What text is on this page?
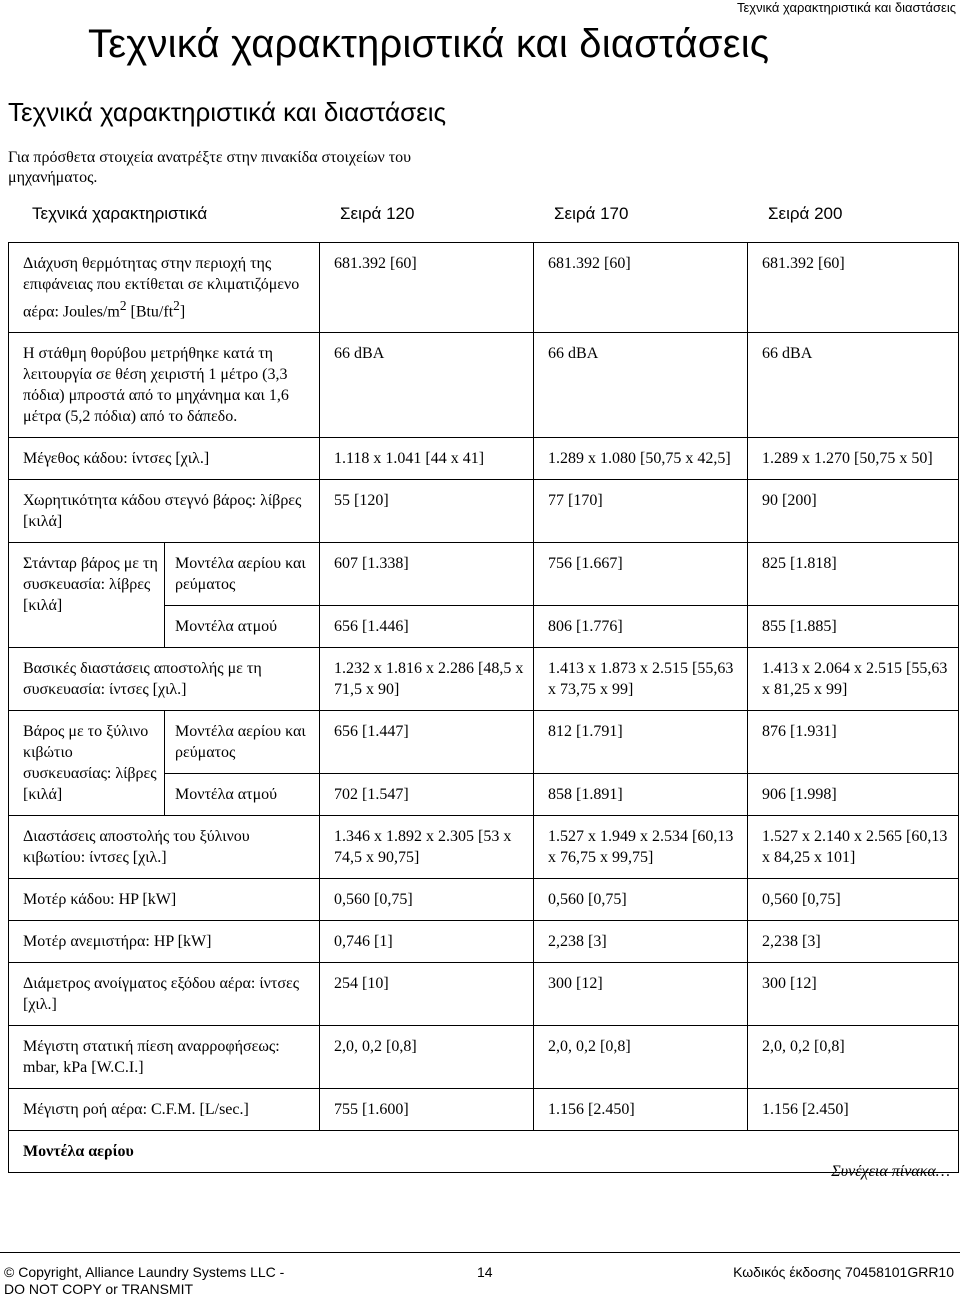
Τεχνικά χαρακτηριστικά και διαστάσεις
Τεχνικά χαρακτηριστικά και διαστάσεις
Τεχνικά χαρακτηριστικά και διαστάσεις

Για πρόσθετα στοιχεία ανατρέξτε στην πινακίδα στοιχείων του μηχανήματος.

Τεχνικά χαρακτηριστικά	Σειρά 120	Σειρά 170	Σειρά 200
Διάχυση θερμότητας στην περιοχή της επιφάνειας που εκτίθεται σε κλιματιζόμενο αέρα: Joules/$m^2$ $[Btu/ft^2]$		681.392 [60]	681.392 [60]	681.392 [60]
Η στάθμη θορύβου μετρήθηκε κατά τη λειτουργία σε θέση χειριστή 1 μέτρο (3,3 πόδια) μπροστά από το μηχάνημα και 1,6 μέτρα (5,2 πόδια) από το δάπεδο.		66 dBA	66 dBA	66 dBA
Μέγεθος κάδου: ίντσες [χιλ.]		1.118 x 1.041 [44 x 41]	1.289 x 1.080 [50,75 x 42,5]	1.289 x 1.270 [50,75 x 50]
Χωρητικότητα κάδου στεγνό βάρος: λίβρες [κιλά]		55 [120]	77 [170]	90 [200]
Στάνταρ βάρος με τη συσκευασία: λίβρες [κιλά]	Μοντέλα αερίου και ρεύματος	607 [1.338]	756 [1.667]	825 [1.818]
	Μοντέλα ατμού	656 [1.446]	806 [1.776]	855 [1.885]
Βασικές διαστάσεις αποστολής με τη συσκευασία: ίντσες [χιλ.]		1.232 x 1.816 x 2.286 [48,5 x 71,5 x 90]	1.413 x 1.873 x 2.515 [55,63 x 73,75 x 99]	1.413 x 2.064 x 2.515 [55,63 x 81,25 x 99]
Βάρος με το ξύλινο κιβώτιο συσκευασίας: λίβρες [κιλά]	Μοντέλα αερίου και ρεύματος	656 [1.447]	812 [1.791]	876 [1.931]
	Μοντέλα ατμού	702 [1.547]	858 [1.891]	906 [1.998]
Διαστάσεις αποστολής του ξύλινου κιβωτίου: ίντσες [χιλ.]		1.346 x 1.892 x 2.305 [53 x 74,5 x 90,75]	1.527 x 1.949 x 2.534 [60,13 x 76,75 x 99,75]	1.527 x 2.140 x 2.565 [60,13 x 84,25 x 101]
Μοτέρ κάδου: HP [kW]		0,560 [0,75]	0,560 [0,75]	0,560 [0,75]
Μοτέρ ανεμιστήρα: HP [kW]		0,746 [1]	2,238 [3]	2,238 [3]
Διάμετρος ανοίγματος εξόδου αέρα: ίντσες [χιλ.]		254 [10]	300 [12]	300 [12]
Μέγιστη στατική πίεση αναρροφήσεως: mbar, kPa [W.C.I.]		2,0, 0,2 [0,8]	2,0, 0,2 [0,8]	2,0, 0,2 [0,8]
Μέγιστη ροή αέρα: C.F.M. [L/sec.]		755 [1.600]	1.156 [2.450]	1.156 [2.450]
Μοντέλα αερίου				
Συνέχεια πίνακα…
© Copyright, Alliance Laundry Systems LLC -
DO NOT COPY or TRANSMIT
14	Κωδικός έκδοσης 70458101GRR10
